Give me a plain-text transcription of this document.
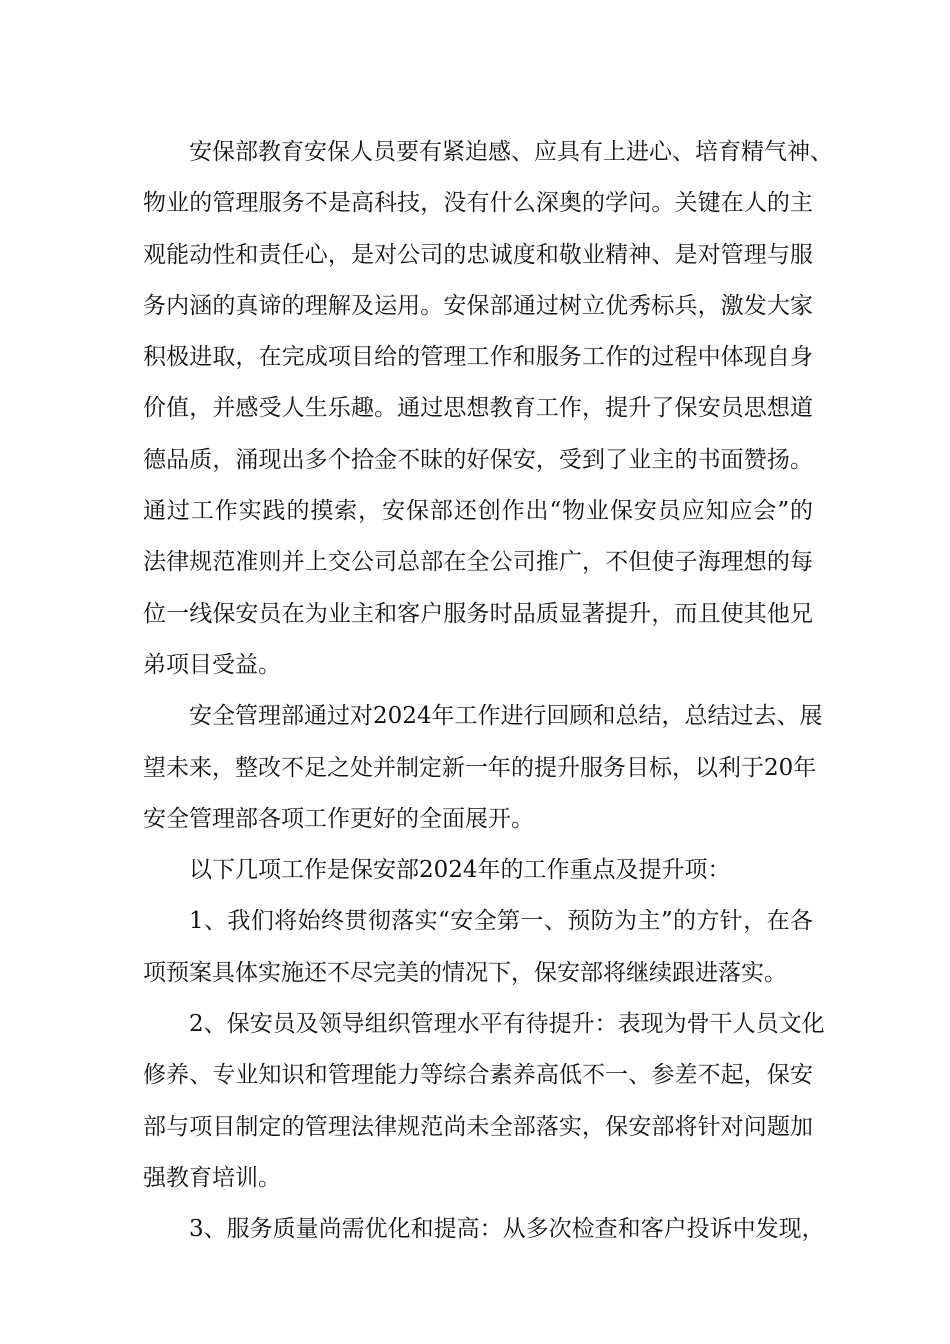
安保部教育安保人员要有紧迫感、应具有上进心、培育精气神、
物业的管理服务不是高科技，没有什么深奥的学问。关键在人的主
观能动性和责任心，是对公司的忠诚度和敬业精神、是对管理与服
务内涵的真谛的理解及运用。安保部通过树立优秀标兵，激发大家
积极进取，在完成项目给的管理工作和服务工作的过程中体现自身
价值，并感受人生乐趣。通过思想教育工作，提升了保安员思想道
德品质，涌现出多个拾金不昧的好保安，受到了业主的书面赞扬。
通过工作实践的摸索，安保部还创作出“物业保安员应知应会”的
法律规范准则并上交公司总部在全公司推广，不但使子海理想的每
位一线保安员在为业主和客户服务时品质显著提升，而且使其他兄
弟项目受益。
安全管理部通过对2024年工作进行回顾和总结，总结过去、展
望未来，整改不足之处并制定新一年的提升服务目标，以利于20年
安全管理部各项工作更好的全面展开。
以下几项工作是保安部2024年的工作重点及提升项：
1、我们将始终贯彻落实“安全第一、预防为主”的方针，在各
项预案具体实施还不尽完美的情况下，保安部将继续跟进落实。
2、保安员及领导组织管理水平有待提升：表现为骨干人员文化
修养、专业知识和管理能力等综合素养高低不一、参差不起，保安
部与项目制定的管理法律规范尚未全部落实，保安部将针对问题加
强教育培训。
3、服务质量尚需优化和提高：从多次检查和客户投诉中发现，
